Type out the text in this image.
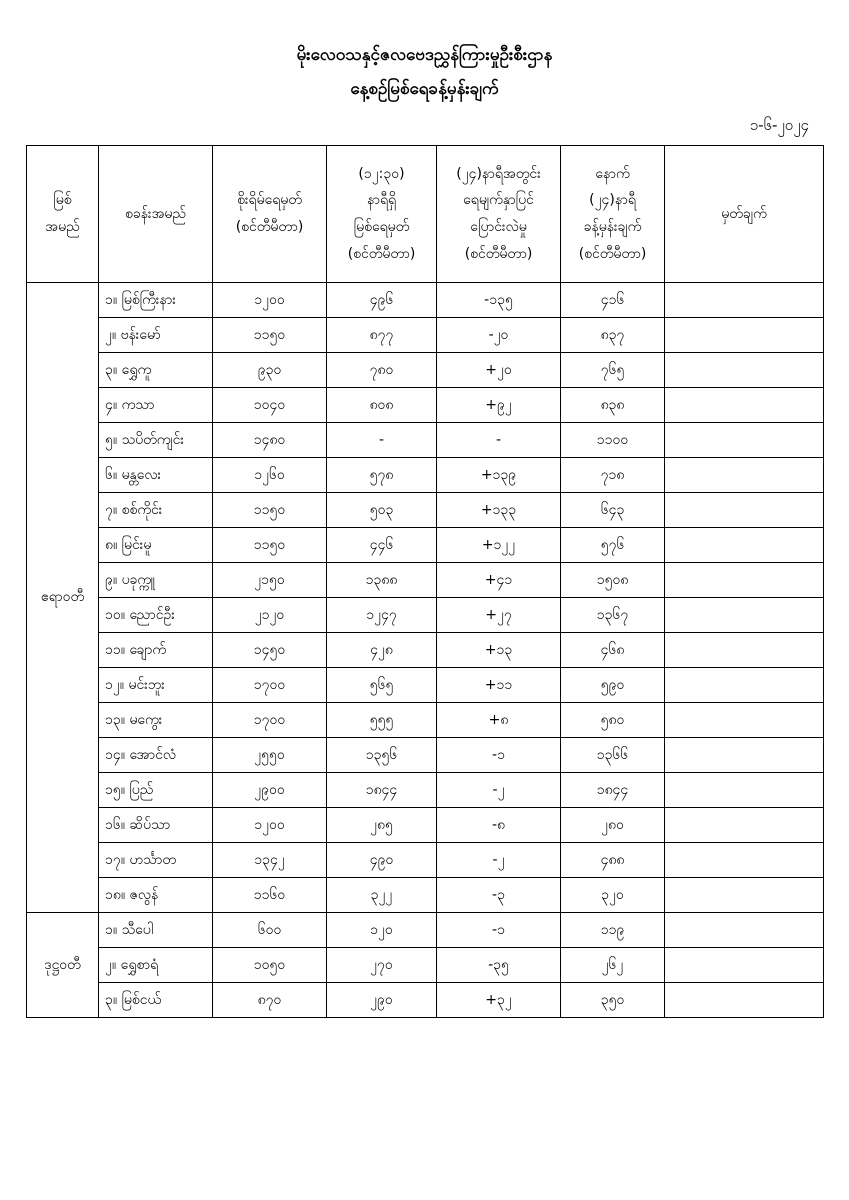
မိုးလေဝသနှင့်ဇလဗေဒညွှန်ကြားမှုဦးစီးဌာန
နေ့စဉ်မြစ်ရေခန့်မှန်းချက်
၁-၆-၂၀၂၄
မြစ်
အမည်	စခန်းအမည်	စိုးရိမ်ရေမှတ်
(စင်တီမီတာ)	(၁၂:၃၀)
နာရီရှိ
မြစ်ရေမှတ်
(စင်တီမီတာ)	(၂၄)နာရီအတွင်း
ရေမျက်နှာပြင်
ပြောင်းလဲမှု
(စင်တီမီတာ)	နောက်
(၂၄)နာရီ
ခန့်မှန်းချက်
(စင်တီမီတာ)	မှတ်ချက်

ဧရာဝတီ	၁။ မြစ်ကြီးနား	၁၂၀၀	၄၉၆	-၁၃၅	၄၁၆	
	၂။ ဗန်းမော်	၁၁၅၀	၈၇၇	-၂၀	၈၃၇	
	၃။ ရွှေကူ	၉၃၀	၇၈၀	+၂၀	၇၆၅	
	၄။ ကသာ	၁၀၄၀	၈၀၈	+၉၂	၈၃၈	
	၅။ သပိတ်ကျင်း	၁၄၈၀	-	-	၁၁၀၀	
	၆။ မန္တလေး	၁၂၆၀	၅၇၈	+၁၃၉	၇၁၈	
	၇။ စစ်ကိုင်း	၁၁၅၀	၅၀၃	+၁၃၃	၆၄၃	
	၈။ မြင်းမူ	၁၁၅၀	၄၄၆	+၁၂၂	၅၇၆	
	၉။ ပခုက္ကူ	၂၁၅၀	၁၃၈၈	+၄၁	၁၅၀၈	
	၁၀။ ညောင်ဦး	၂၁၂၀	၁၂၄၇	+၂၇	၁၃၆၇	
	၁၁။ ချောက်	၁၄၅၀	၄၂၈	+၁၃	၄၆၈	
	၁၂။ မင်းဘူး	၁၇၀၀	၅၆၅	+၁၁	၅၉၀	
	၁၃။ မကွေး	၁၇၀၀	၅၅၅	+၈	၅၈၀	
	၁၄။ အောင်လံ	၂၅၅၀	၁၃၅၆	-၁	၁၃၆၆	
	၁၅။ ပြည်	၂၉၀၀	၁၈၄၄	-၂	၁၈၄၄	
	၁၆။ ဆိပ်သာ	၁၂၀၀	၂၈၅	-၈	၂၈၀	
	၁၇။ ဟင်္သာတ	၁၃၄၂	၄၉၀	-၂	၄၈၈	
	၁၈။ ဇလွန်	၁၁၆၀	၃၂၂	-၃	၃၂၀	
ဒုဋ္ဌဝတီ	၁။ သီပေါ	၆၀၀	၁၂၀	-၁	၁၁၉	
	၂။ ရွှေစာရံ	၁၀၅၀	၂၇၀	-၃၅	၂၆၂	
	၃။ မြစ်ငယ်	၈၇၀	၂၉၀	+၃၂	၃၅၀	
